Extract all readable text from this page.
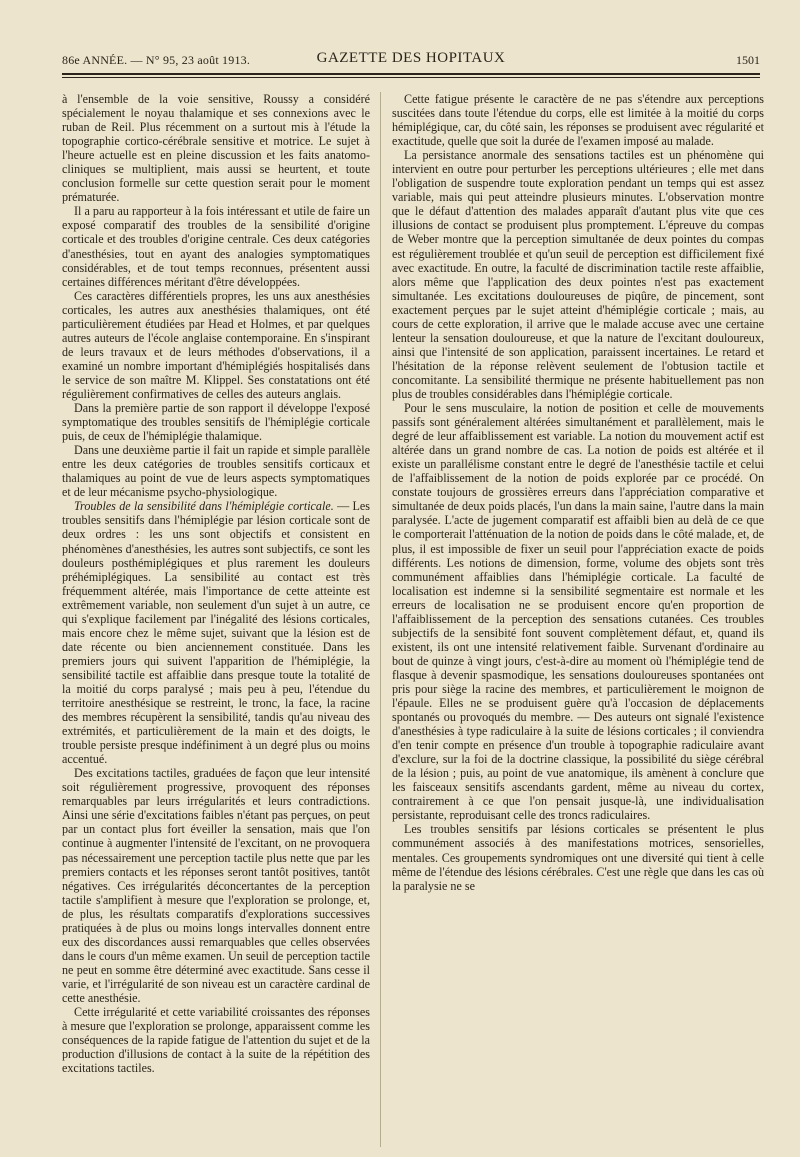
86e ANNÉE. — N° 95, 23 août 1913.	GAZETTE DES HOPITAUX	1501

à l'ensemble de la voie sensitive, Roussy a considéré spécialement le noyau thalamique et ses connexions avec le ruban de Reil. Plus récemment on a surtout mis à l'étude la topographie cortico-cérébrale sensitive et motrice. Le sujet à l'heure actuelle est en pleine discussion et les faits anatomo-cliniques se multiplient, mais aussi se heurtent, et toute conclusion formelle sur cette question serait pour le moment prématurée.

Il a paru au rapporteur à la fois intéressant et utile de faire un exposé comparatif des troubles de la sensibilité d'origine corticale et des troubles d'origine centrale. Ces deux catégories d'anesthésies, tout en ayant des analogies symptomatiques considérables, et de tout temps reconnues, présentent aussi certaines différences méritant d'être développées.

Ces caractères différentiels propres, les uns aux anesthésies corticales, les autres aux anesthésies thalamiques, ont été particulièrement étudiées par Head et Holmes, et par quelques autres auteurs de l'école anglaise contemporaine. En s'inspirant de leurs travaux et de leurs méthodes d'observations, il a examiné un nombre important d'hémiplégiés hospitalisés dans le service de son maître M. Klippel. Ses constatations ont été régulièrement confirmatives de celles des auteurs anglais.

Dans la première partie de son rapport il développe l'exposé symptomatique des troubles sensitifs de l'hémiplégie corticale puis, de ceux de l'hémiplégie thalamique.

Dans une deuxième partie il fait un rapide et simple parallèle entre les deux catégories de troubles sensitifs corticaux et thalamiques au point de vue de leurs aspects symptomatiques et de leur mécanisme psycho-physiologique.

Troubles de la sensibilité dans l'hémiplégie corticale. — Les troubles sensitifs dans l'hémiplégie par lésion corticale sont de deux ordres : les uns sont objectifs et consistent en phénomènes d'anesthésies, les autres sont subjectifs, ce sont les douleurs posthémiplégiques et plus rarement les douleurs préhémiplégiques. La sensibilité au contact est très fréquemment altérée, mais l'importance de cette atteinte est extrêmement variable, non seulement d'un sujet à un autre, ce qui s'explique facilement par l'inégalité des lésions corticales, mais encore chez le même sujet, suivant que la lésion est de date récente ou bien anciennement constituée. Dans les premiers jours qui suivent l'apparition de l'hémiplégie, la sensibilité tactile est affaiblie dans presque toute la totalité de la moitié du corps paralysé ; mais peu à peu, l'étendue du territoire anesthésique se restreint, le tronc, la face, la racine des membres récupèrent la sensibilité, tandis qu'au niveau des extrémités, et particulièrement de la main et des doigts, le trouble persiste presque indéfiniment à un degré plus ou moins accentué.

Des excitations tactiles, graduées de façon que leur intensité soit régulièrement progressive, provoquent des réponses remarquables par leurs irrégularités et leurs contradictions. Ainsi une série d'excitations faibles n'étant pas perçues, on peut par un contact plus fort éveiller la sensation, mais que l'on continue à augmenter l'intensité de l'excitant, on ne provoquera pas nécessairement une perception tactile plus nette que par les premiers contacts et les réponses seront tantôt positives, tantôt négatives. Ces irrégularités déconcertantes de la perception tactile s'amplifient à mesure que l'exploration se prolonge, et, de plus, les résultats comparatifs d'explorations successives pratiquées à de plus ou moins longs intervalles donnent entre eux des discordances aussi remarquables que celles observées dans le cours d'un même examen. Un seuil de perception tactile ne peut en somme être déterminé avec exactitude. Sans cesse il varie, et l'irrégularité de son niveau est un caractère cardinal de cette anesthésie.

Cette irrégularité et cette variabilité croissantes des réponses à mesure que l'exploration se prolonge, apparaissent comme les conséquences de la rapide fatigue de l'attention du sujet et de la production d'illusions de contact à la suite de la répétition des excitations tactiles.

Cette fatigue présente le caractère de ne pas s'étendre aux perceptions suscitées dans toute l'étendue du corps, elle est limitée à la moitié du corps hémiplégique, car, du côté sain, les réponses se produisent avec régularité et exactitude, quelle que soit la durée de l'examen imposé au malade.

La persistance anormale des sensations tactiles est un phénomène qui intervient en outre pour perturber les perceptions ultérieures ; elle met dans l'obligation de suspendre toute exploration pendant un temps qui est assez variable, mais qui peut atteindre plusieurs minutes. L'observation montre que le défaut d'attention des malades apparaît d'autant plus vite que ces illusions de contact se produisent plus promptement. L'épreuve du compas de Weber montre que la perception simultanée de deux pointes du compas est régulièrement troublée et qu'un seuil de perception est difficilement fixé avec exactitude. En outre, la faculté de discrimination tactile reste affaiblie, alors même que l'application des deux pointes n'est pas exactement simultanée. Les excitations douloureuses de piqûre, de pincement, sont exactement perçues par le sujet atteint d'hémiplégie corticale ; mais, au cours de cette exploration, il arrive que le malade accuse avec une certaine lenteur la sensation douloureuse, et que la nature de l'excitant douloureux, ainsi que l'intensité de son application, paraissent incertaines. Le retard et l'hésitation de la réponse relèvent seulement de l'obtusion tactile et concomitante. La sensibilité thermique ne présente habituellement pas non plus de troubles considérables dans l'hémiplégie corticale.

Pour le sens musculaire, la notion de position et celle de mouvements passifs sont généralement altérées simultanément et parallèlement, mais le degré de leur affaiblissement est variable. La notion du mouvement actif est altérée dans un grand nombre de cas. La notion de poids est altérée et il existe un parallélisme constant entre le degré de l'anesthésie tactile et celui de l'affaiblissement de la notion de poids explorée par ce procédé. On constate toujours de grossières erreurs dans l'appréciation comparative et simultanée de deux poids placés, l'un dans la main saine, l'autre dans la main paralysée. L'acte de jugement comparatif est affaibli bien au delà de ce que le comporterait l'atténuation de la notion de poids dans le côté malade, et, de plus, il est impossible de fixer un seuil pour l'appréciation exacte de poids différents. Les notions de dimension, forme, volume des objets sont très communément affaiblies dans l'hémiplégie corticale. La faculté de localisation est indemne si la sensibilité segmentaire est normale et les erreurs de localisation ne se produisent encore qu'en proportion de l'affaiblissement de la perception des sensations cutanées. Ces troubles subjectifs de la sensibité font souvent complètement défaut, et, quand ils existent, ils ont une intensité relativement faible. Survenant d'ordinaire au bout de quinze à vingt jours, c'est-à-dire au moment où l'hémiplégie tend de flasque à devenir spasmodique, les sensations douloureuses spontanées ont pris pour siège la racine des membres, et particulièrement le moignon de l'épaule. Elles ne se produisent guère qu'à l'occasion de déplacements spontanés ou provoqués du membre. — Des auteurs ont signalé l'existence d'anesthésies à type radiculaire à la suite de lésions corticales ; il conviendra d'en tenir compte en présence d'un trouble à topographie radiculaire avant d'exclure, sur la foi de la doctrine classique, la possibilité du siège cérébral de la lésion ; puis, au point de vue anatomique, ils amènent à conclure que les faisceaux sensitifs ascendants gardent, même au niveau du cortex, contrairement à ce que l'on pensait jusque-là, une individualisation persistante, reproduisant celle des troncs radiculaires.

Les troubles sensitifs par lésions corticales se présentent le plus communément associés à des manifestations motrices, sensorielles, mentales. Ces groupements syndromiques ont une diversité qui tient à celle même de l'étendue des lésions cérébrales. C'est une règle que dans les cas où la paralysie ne se
